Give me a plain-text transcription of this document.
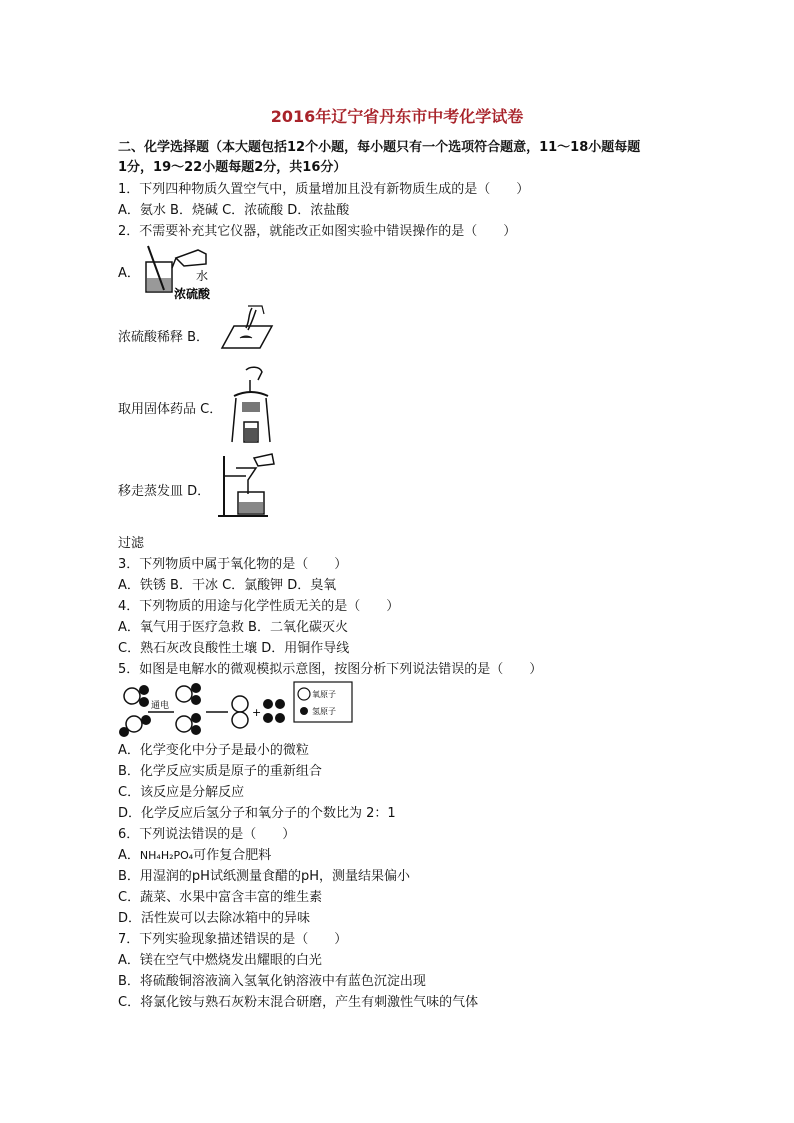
2016年辽宁省丹东市中考化学试卷
二、化学选择题（本大题包括12个小题，每小题只有一个选项符合题意，11～18小题每题
1分，19～22小题每题2分，共16分）
1．下列四种物质久置空气中，质量增加且没有新物质生成的是（　　）
A．氨水 B．烧碱 C．浓硫酸 D．浓盐酸
2．不需要补充其它仪器，就能改正如图实验中错误操作的是（　　）
A．	水
浓硫酸
浓硫酸稀释 B．
取用固体药品 C．
移走蒸发皿 D．
过滤
3．下列物质中属于氧化物的是（　　）
A．铁锈 B．干冰 C．氯酸钾 D．臭氧
4．下列物质的用途与化学性质无关的是（　　）
A．氧气用于医疗急救 B．二氧化碳灭火
C．熟石灰改良酸性土壤 D．用铜作导线
5．如图是电解水的微观模拟示意图，按图分析下列说法错误的是（　　）
通电	+
氧原子
氢原子
A．化学变化中分子是最小的微粒
B．化学反应实质是原子的重新组合
C．该反应是分解反应
D．化学反应后氢分子和氧分子的个数比为 2：1
6．下列说法错误的是（　　）
A．NH₄H₂PO₄可作复合肥料
B．用湿润的pH试纸测量食醋的pH，测量结果偏小
C．蔬菜、水果中富含丰富的维生素
D．活性炭可以去除冰箱中的异味
7．下列实验现象描述错误的是（　　）
A．镁在空气中燃烧发出耀眼的白光
B．将硫酸铜溶液滴入氢氧化钠溶液中有蓝色沉淀出现
C．将氯化铵与熟石灰粉末混合研磨，产生有刺激性气味的气体
